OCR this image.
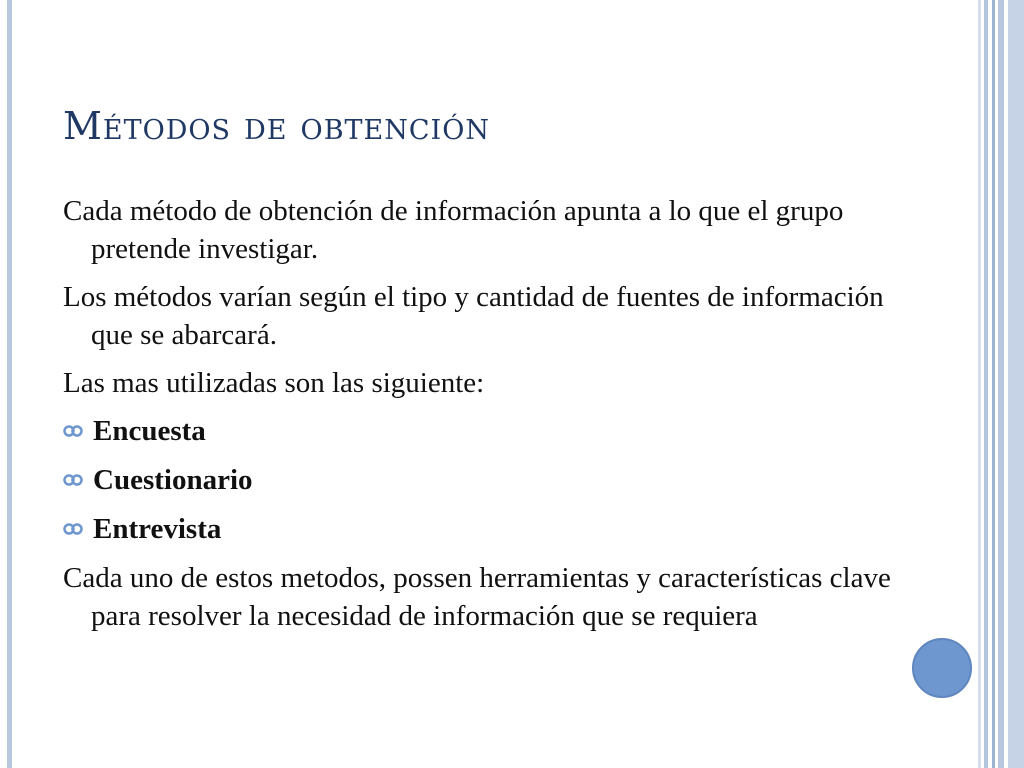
Métodos de obtención

Cada método de obtención de información apunta a lo que el grupo pretende investigar.

Los métodos varían según el tipo y cantidad de fuentes de información que se abarcará.

Las mas utilizadas son las siguiente:

Encuesta
Cuestionario
Entrevista

Cada uno de estos metodos, possen herramientas y características clave para resolver la necesidad de información que se requiera
